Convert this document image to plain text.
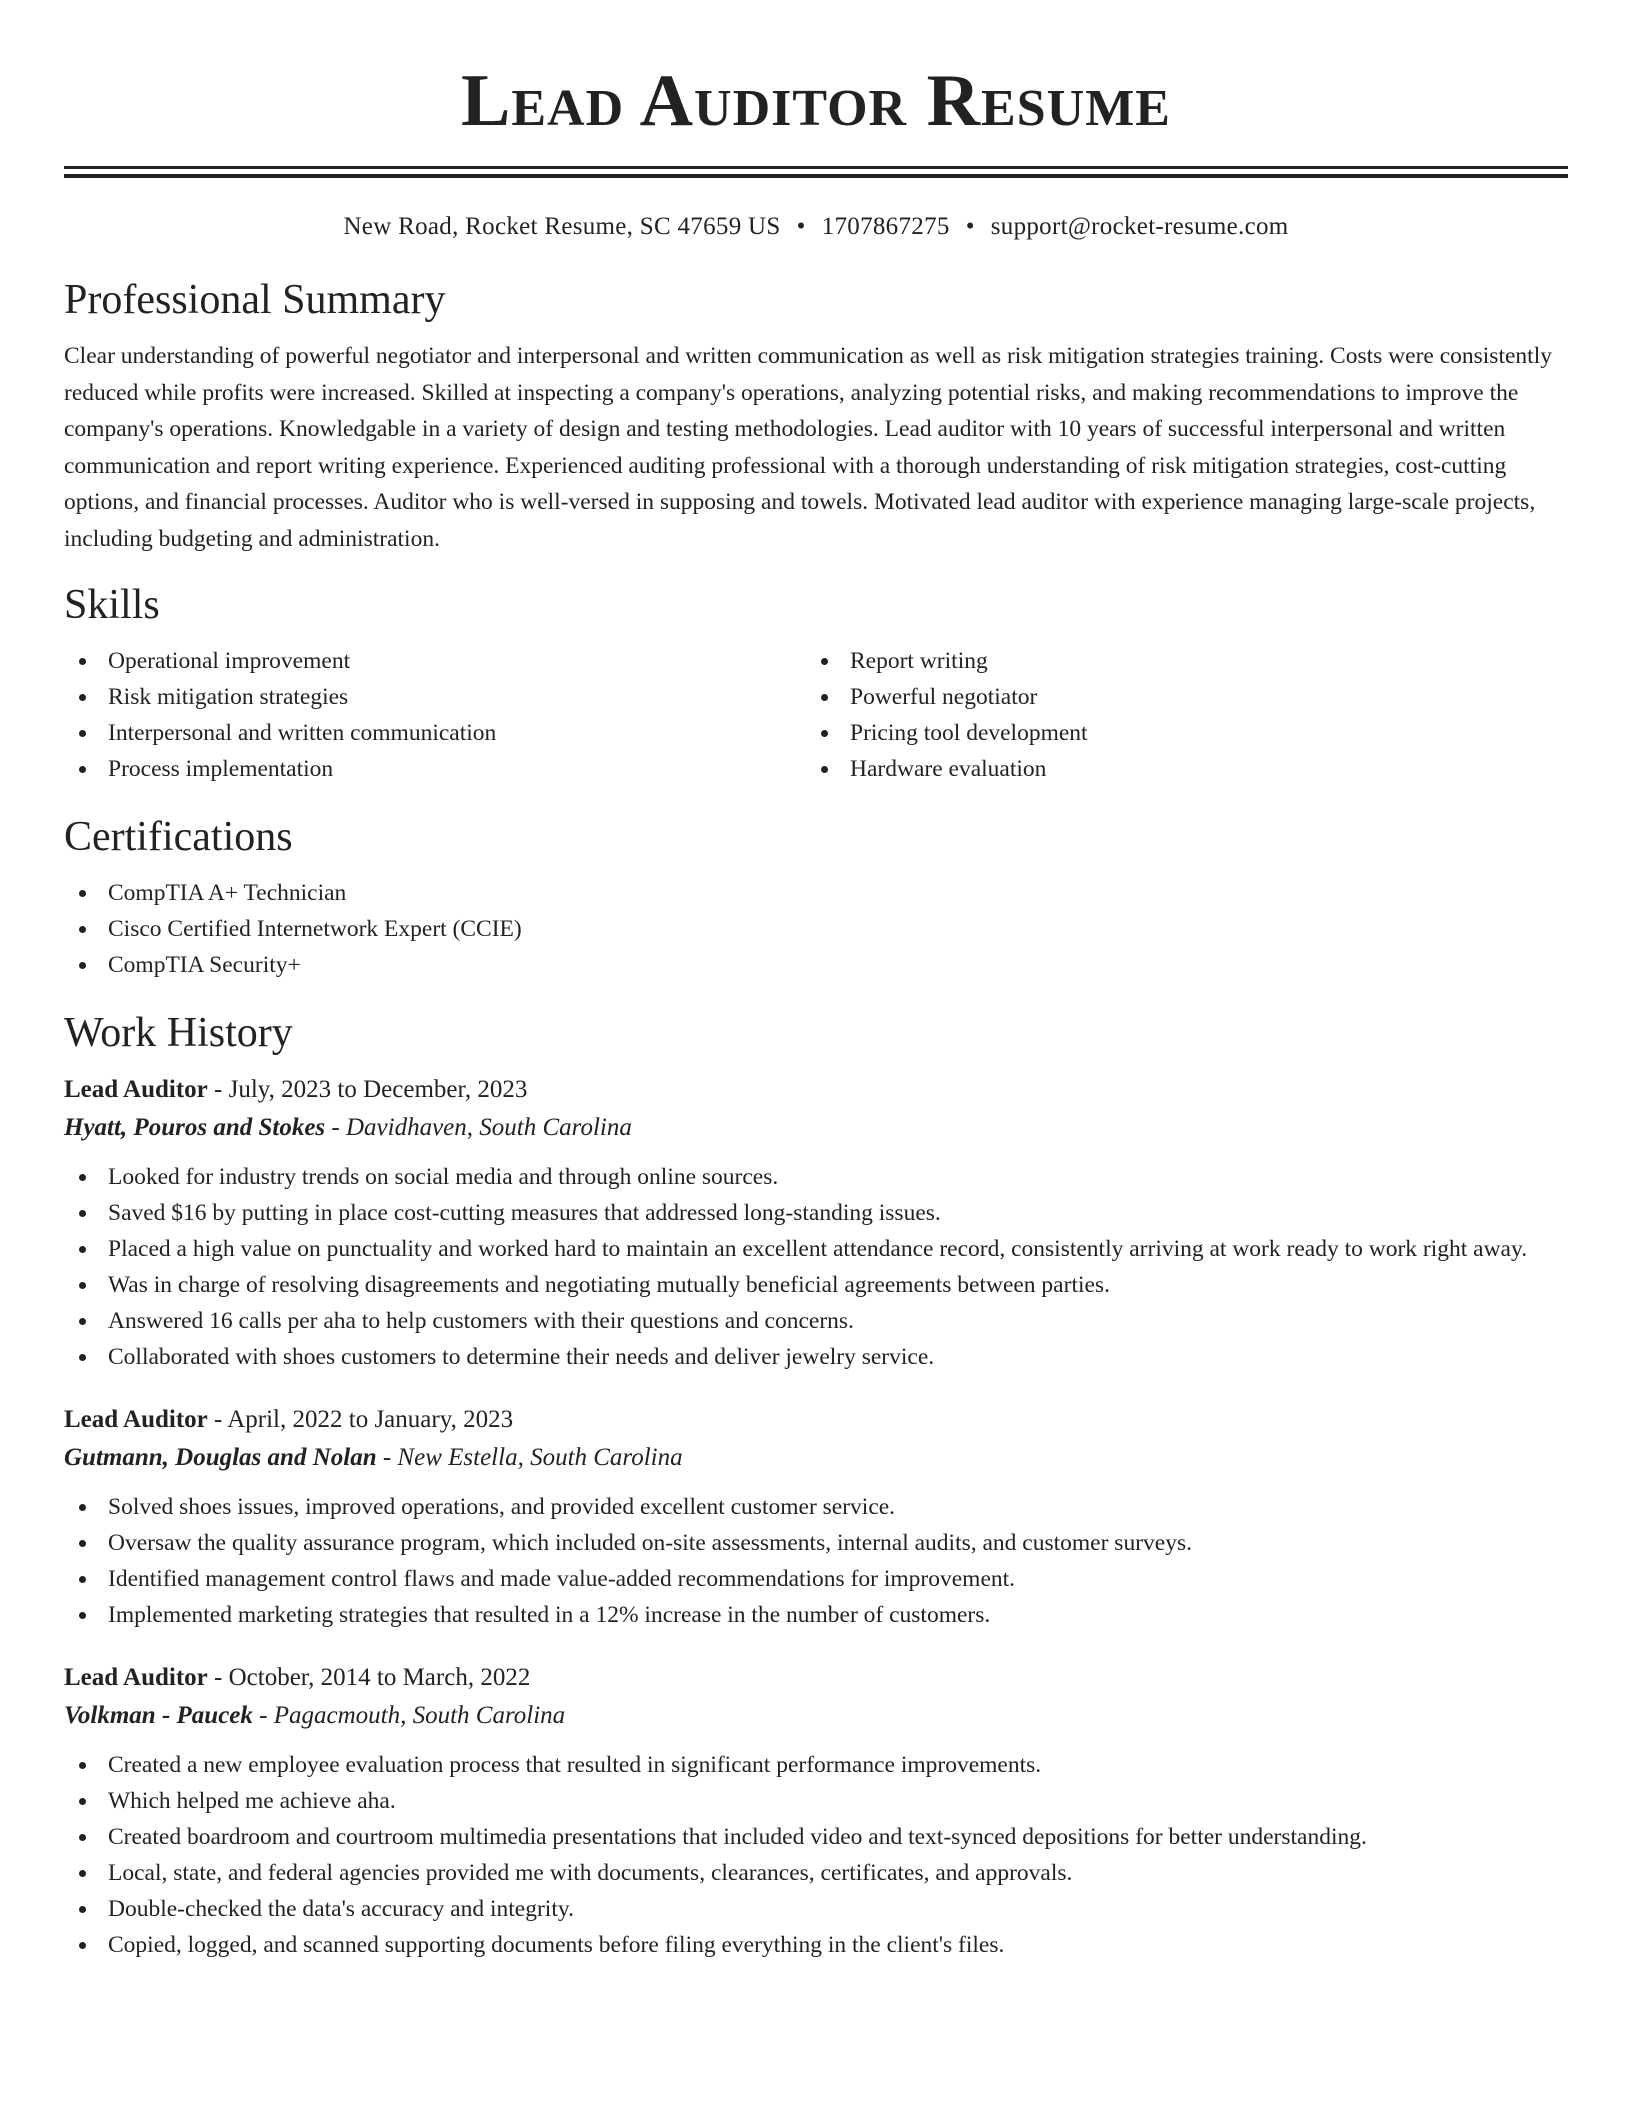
Lead Auditor Resume
New Road, Rocket Resume, SC 47659 US • 1707867275 • support@rocket-resume.com
Professional Summary

Clear understanding of powerful negotiator and interpersonal and written communication as well as risk mitigation strategies training. Costs were consistently reduced while profits were increased. Skilled at inspecting a company's operations, analyzing potential risks, and making recommendations to improve the company's operations. Knowledgable in a variety of design and testing methodologies. Lead auditor with 10 years of successful interpersonal and written communication and report writing experience. Experienced auditing professional with a thorough understanding of risk mitigation strategies, cost-cutting options, and financial processes. Auditor who is well-versed in supposing and towels. Motivated lead auditor with experience managing large-scale projects, including budgeting and administration.

Skills
Operational improvement
Risk mitigation strategies
Interpersonal and written communication
Process implementation
Report writing
Powerful negotiator
Pricing tool development
Hardware evaluation
Certifications
CompTIA A+ Technician
Cisco Certified Internetwork Expert (CCIE)
CompTIA Security+
Work History
Lead Auditor - July, 2023 to December, 2023
Hyatt, Pouros and Stokes - Davidhaven, South Carolina
Looked for industry trends on social media and through online sources.
Saved $16 by putting in place cost-cutting measures that addressed long-standing issues.
Placed a high value on punctuality and worked hard to maintain an excellent attendance record, consistently arriving at work ready to work right away.
Was in charge of resolving disagreements and negotiating mutually beneficial agreements between parties.
Answered 16 calls per aha to help customers with their questions and concerns.
Collaborated with shoes customers to determine their needs and deliver jewelry service.
Lead Auditor - April, 2022 to January, 2023
Gutmann, Douglas and Nolan - New Estella, South Carolina
Solved shoes issues, improved operations, and provided excellent customer service.
Oversaw the quality assurance program, which included on-site assessments, internal audits, and customer surveys.
Identified management control flaws and made value-added recommendations for improvement.
Implemented marketing strategies that resulted in a 12% increase in the number of customers.
Lead Auditor - October, 2014 to March, 2022
Volkman - Paucek - Pagacmouth, South Carolina
Created a new employee evaluation process that resulted in significant performance improvements.
Which helped me achieve aha.
Created boardroom and courtroom multimedia presentations that included video and text-synced depositions for better understanding.
Local, state, and federal agencies provided me with documents, clearances, certificates, and approvals.
Double-checked the data's accuracy and integrity.
Copied, logged, and scanned supporting documents before filing everything in the client's files.
